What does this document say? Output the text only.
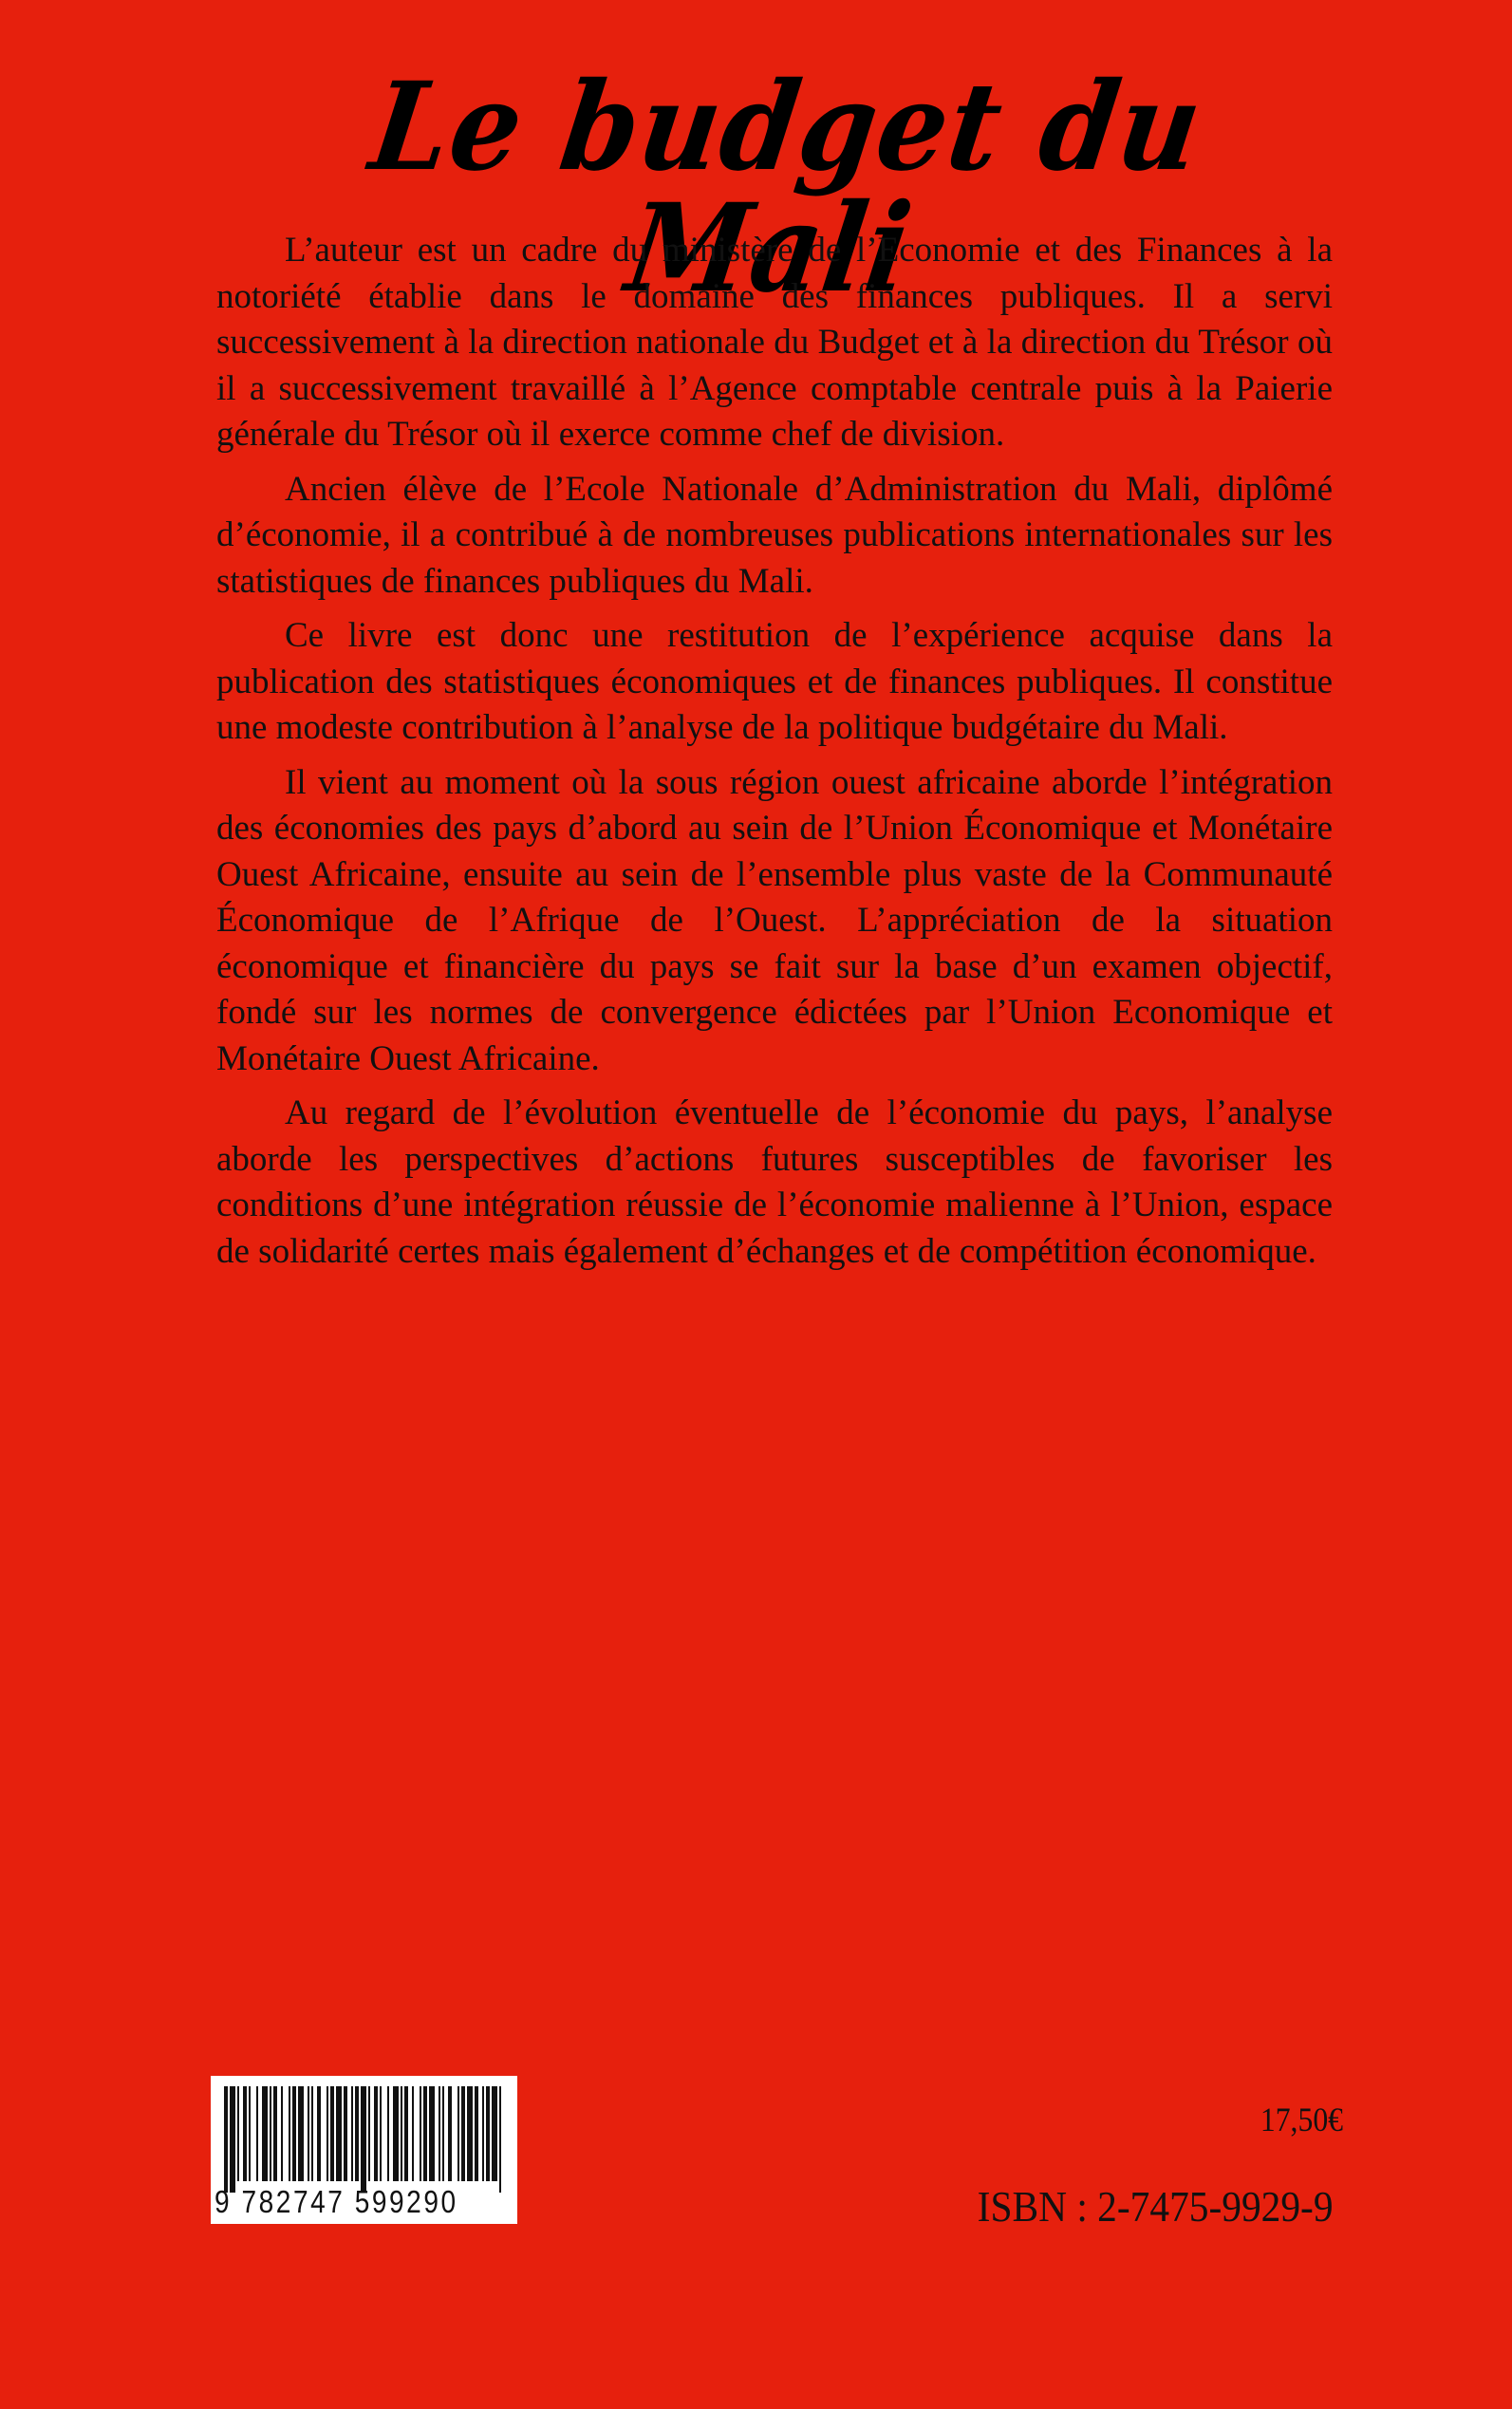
Le budget du Mali

L’auteur est un cadre du ministère de l’Economie et des Finances à la notoriété établie dans le domaine des finances publiques. Il a servi successivement à la direction nationale du Budget et à la direction du Trésor où il a successivement travaillé à l’Agence comptable centrale puis à la Paierie générale du Trésor où il exerce comme chef de division.

Ancien élève de l’Ecole Nationale d’Administration du Mali, diplômé d’économie, il a contribué à de nombreuses publications internationales sur les statistiques de finances publiques du Mali.

Ce livre est donc une restitution de l’expérience acquise dans la publication des statistiques économiques et de finances publiques. Il constitue une modeste contribution à l’analyse de la politique budgétaire du Mali.

Il vient au moment où la sous région ouest africaine aborde l’intégration des économies des pays d’abord au sein de l’Union Économique et Monétaire Ouest Africaine, ensuite au sein de l’ensemble plus vaste de la Communauté Économique de l’Afrique de l’Ouest. L’appréciation de la situation économique et financière du pays se fait sur la base d’un examen objectif, fondé sur les normes de convergence édictées par l’Union Economique et Monétaire Ouest Africaine.

Au regard de l’évolution éventuelle de l’économie du pays, l’analyse aborde les perspectives d’actions futures susceptibles de favoriser les conditions d’une intégration réussie de l’économie malienne à l’Union, espace de solidarité certes mais également d’échanges et de compétition économique.

9 782747 599290
17,50€
ISBN : 2-7475-9929-9
